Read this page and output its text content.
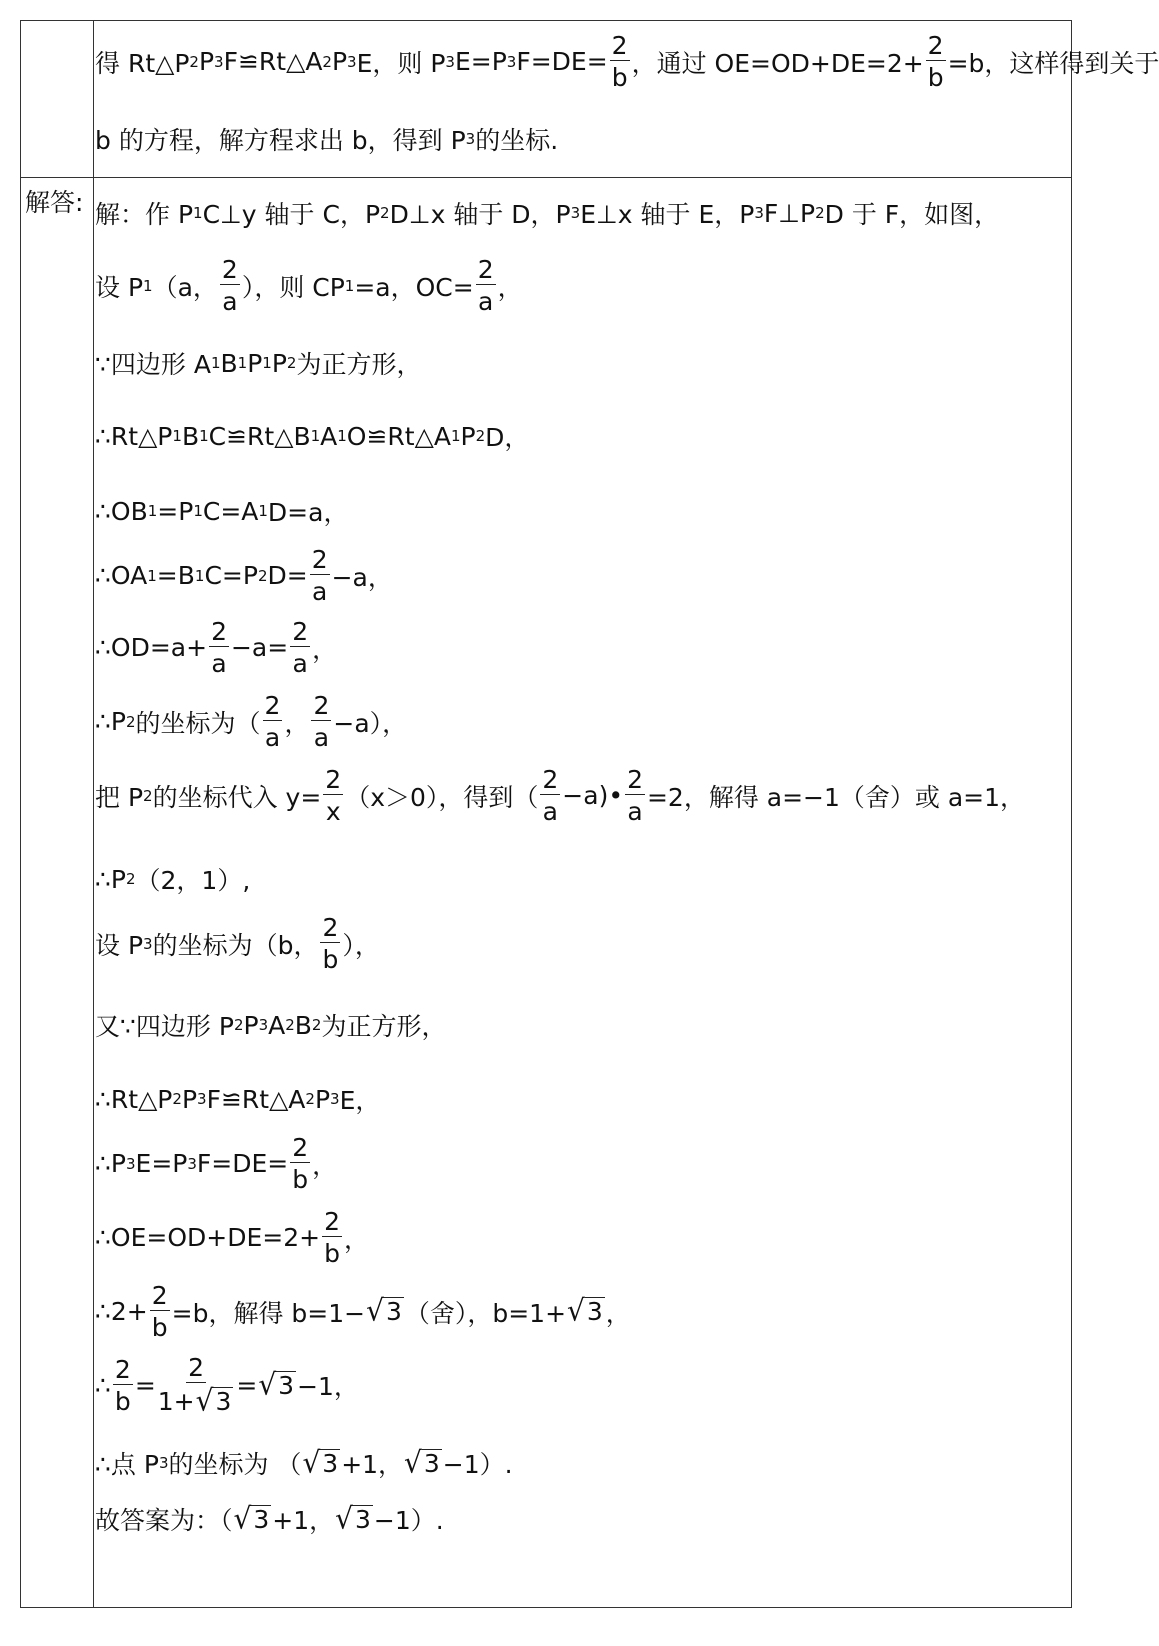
解答:
得 Rt△P 2 P 3 F≌Rt△A 2 P 3 E，则 P 3 E=P 3 $F=DE= \frac{2}{b}$ ，通过 $OE=OD+DE=2+ \frac{2}{b} =b$，这样得到关于
b 的方程，解方程求出 b，得到 P 3 的坐标.
解：作 P 1 C⊥y 轴于 C，P 2 D⊥x 轴于 D，P 3 E⊥x 轴于 E，P 3 F⊥P 2 D 于 F，如图，
设 P 1 （a， $\frac{2}{a}$ ），则 CP 1 =a，$OC= \frac{2}{a}$ ，
∵四边形 A 1 B 1 P 1 P 2 为正方形，
∴Rt△P 1 B 1 C≌Rt△B 1 A 1 O≌Rt△A 1 P 2 D，
∴OB 1 =P 1 C=A 1 D=a，
∴OA 1 =B 1 C=P 2 $D= \frac{2}{a} -a$，
∴OD=a+ $\frac{2}{a} -a= \frac{2}{a}$ ，
∴P 2 的坐标为（ $\frac{2}{a}$ ， $\frac{2}{a} -a$），
把 P 2 的坐标代入 $y= \frac{2}{x} (x>0)$，得到（ $\frac{2}{a}$ −a)• $\frac{2}{a} =2$，解得 a=−1（舍）或 a=1，
∴P 2 （2，1）,
设 P 3 的坐标为（b， $\frac{2}{b}$ ），
又∵四边形 P 2 P 3 A 2 B 2 为正方形，
∴Rt△P 2 P 3 F≌Rt△A 2 P 3 E，
∴P 3 E=P 3 $F=DE= \frac{2}{b}$ ，
∴OE=OD+DE=2+ $\frac{2}{b}$ ，
∴2+ $\frac{2}{b} =b$，解得 b=1− √ 3 （舍），b=1+ √ 3 ，
∴ $\frac{2}{b} = \frac{2}{1+ √ 3}$ = √ 3 −1，
∴点 P 3 的坐标为 （ √ 3 +1， √ 3 −1）.
故答案为：（ √ 3 +1， √ 3 −1）.
